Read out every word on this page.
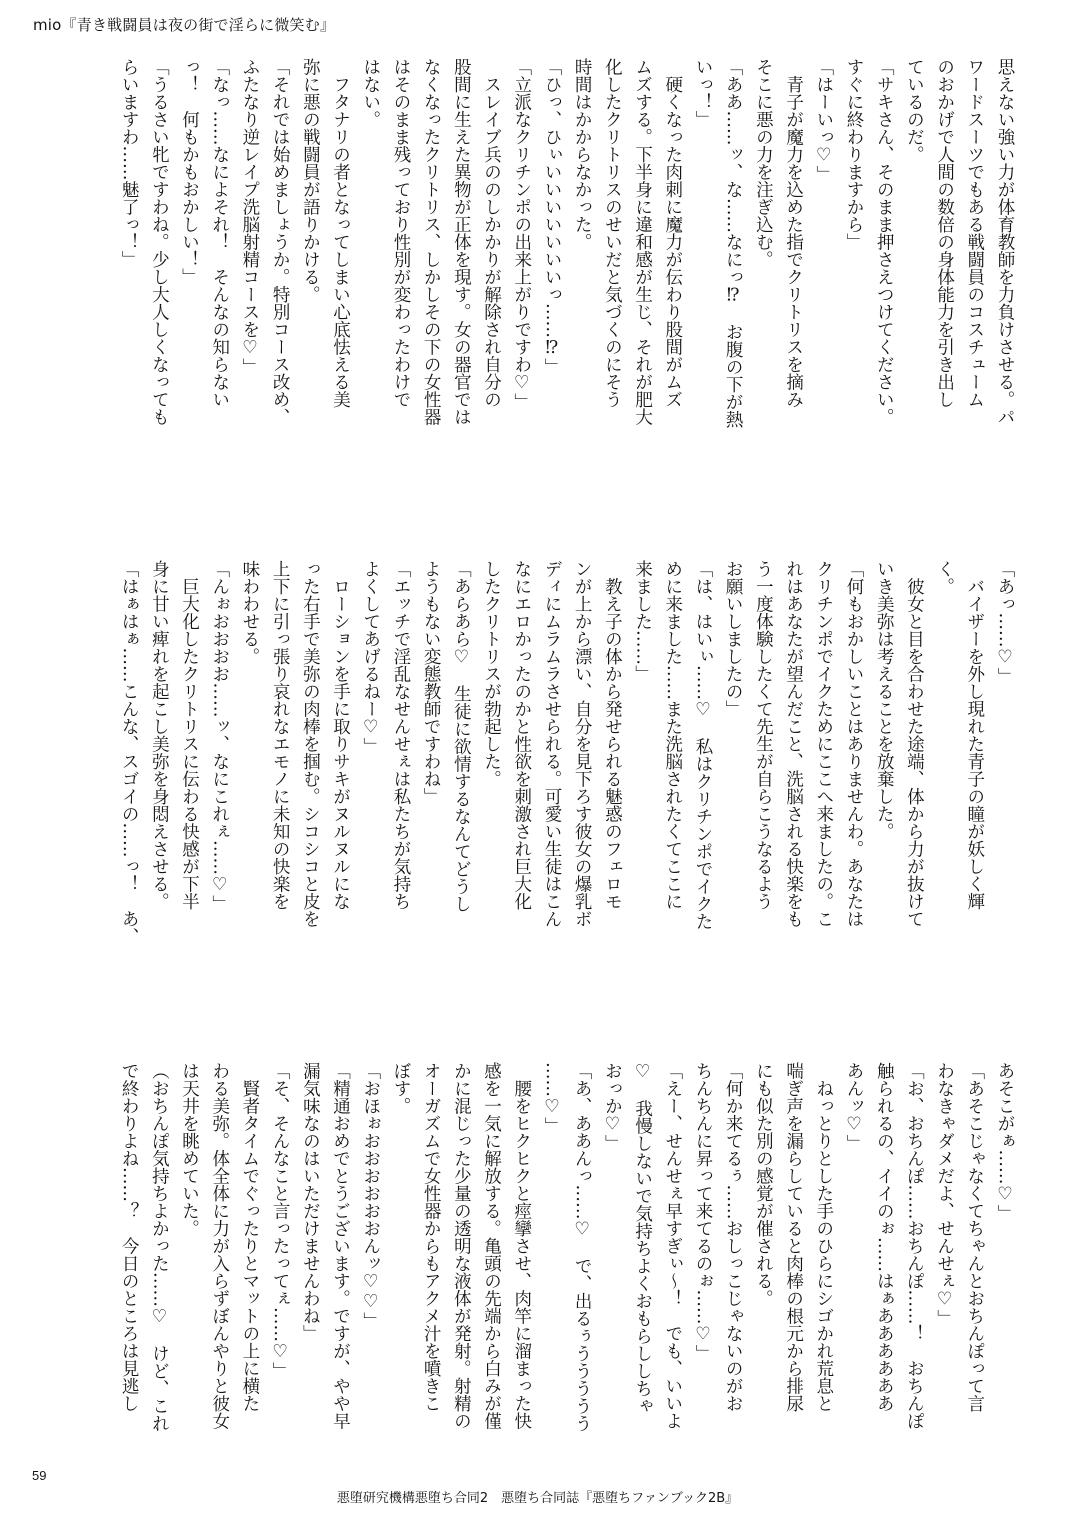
mio『青き戦闘員は夜の街で淫らに微笑む』

思えない強い力が体育教師を力負けさせる。パ
ワードスーツでもある戦闘員のコスチューム
のおかげで人間の数倍の身体能力を引き出し
ているのだ。
「サキさん、そのまま押さえつけてください。
すぐに終わりますから」
「はーいっ♡」
　青子が魔力を込めた指でクリトリスを摘み
そこに悪の力を注ぎ込む。
「ああ……ッ、な……なにっ⁉　お腹の下が熱
いっ！」
　硬くなった肉刺に魔力が伝わり股間がムズ
ムズする。下半身に違和感が生じ、それが肥大
化したクリトリスのせいだと気づくのにそう
時間はかからなかった。
「ひっ、ひぃいいいいいいいっ……⁉」
「立派なクリチンポの出来上がりですわ♡」
　スレイブ兵ののしかかりが解除され自分の
股間に生えた異物が正体を現す。女の器官では
なくなったクリトリス、しかしその下の女性器
はそのまま残っており性別が変わったわけで
はない。
　フタナリの者となってしまい心底怯える美
弥に悪の戦闘員が語りかける。
「それでは始めましょうか。特別コース改め、
ふたなり逆レイプ洗脳射精コースを♡」
「なっ……なによそれ！　そんなの知らない
っ！　何もかもおかしい！」
「うるさい牝ですわね。少し大人しくなっても
らいますわ……魅了っ！」
「あっ……♡」
　バイザーを外し現れた青子の瞳が妖しく輝
く。
　彼女と目を合わせた途端、体から力が抜けて
いき美弥は考えることを放棄した。
「何もおかしいことはありませんわ。あなたは
クリチンポでイクためにここへ来ましたの。こ
れはあなたが望んだこと、洗脳される快楽をも
う一度体験したくて先生が自らこうなるよう
お願いしましたの」
「は、はいぃ……♡　私はクリチンポでイクた
めに来ました……また洗脳されたくてここに
来ました……」
　教え子の体から発せられる魅惑のフェロモ
ンが上から漂い、自分を見下ろす彼女の爆乳ボ
ディにムラムラさせられる。可愛い生徒はこん
なにエロかったのかと性欲を刺激され巨大化
したクリトリスが勃起した。
「あらあら♡　生徒に欲情するなんてどうし
ようもない変態教師ですわね」
「エッチで淫乱なせんせぇは私たちが気持ち
よくしてあげるねー♡」
　ローションを手に取りサキがヌルヌルにな
った右手で美弥の肉棒を掴む。シコシコと皮を
上下に引っ張り哀れなエモノに未知の快楽を
味わわせる。
「んぉおおおお……ッ、なにこれぇ……♡」
　巨大化したクリトリスに伝わる快感が下半
身に甘い痺れを起こし美弥を身悶えさせる。
「はぁはぁ……こんな、スゴイの……っ！　あ、
あそこがぁ……♡」
「あそこじゃなくてちゃんとおちんぽって言
わなきゃダメだよ、せんせぇ♡」
「お、おちんぽ……おちんぽ……！　おちんぽ
触られるの、イイのぉ……はぁああああああ
あんッ♡」
　ねっとりとした手のひらにシゴかれ荒息と
喘ぎ声を漏らしていると肉棒の根元から排尿
にも似た別の感覚が催される。
「何か来てるぅ……おしっこじゃないのがお
ちんちんに昇って来てるのぉ……♡」
「えー、せんせぇ早すぎぃ～！　でも、いいよ
♡　我慢しないで気持ちよくおもらししちゃ
おっか♡」
「あ、ああんっ……♡　で、出るぅううううう
……♡」
　腰をヒクヒクと痙攣させ、肉竿に溜まった快
感を一気に解放する。亀頭の先端から白みが僅
かに混じった少量の透明な液体が発射。射精の
オーガズムで女性器からもアクメ汁を噴きこ
ぼす。
「おほぉおおおおおおんッ♡♡」
「精通おめでとうございます。ですが、やや早
漏気味なのはいただけませんわね」
「そ、そんなこと言ったってぇ……♡」
　賢者タイムでぐったりとマットの上に横た
わる美弥。体全体に力が入らずぼんやりと彼女
は天井を眺めていた。
（おちんぽ気持ちよかった……♡　けど、これ
で終わりよね……？　今日のところは見逃し

59

悪堕研究機構悪堕ち合同2　悪堕ち合同誌『悪堕ちファンブック2B』
